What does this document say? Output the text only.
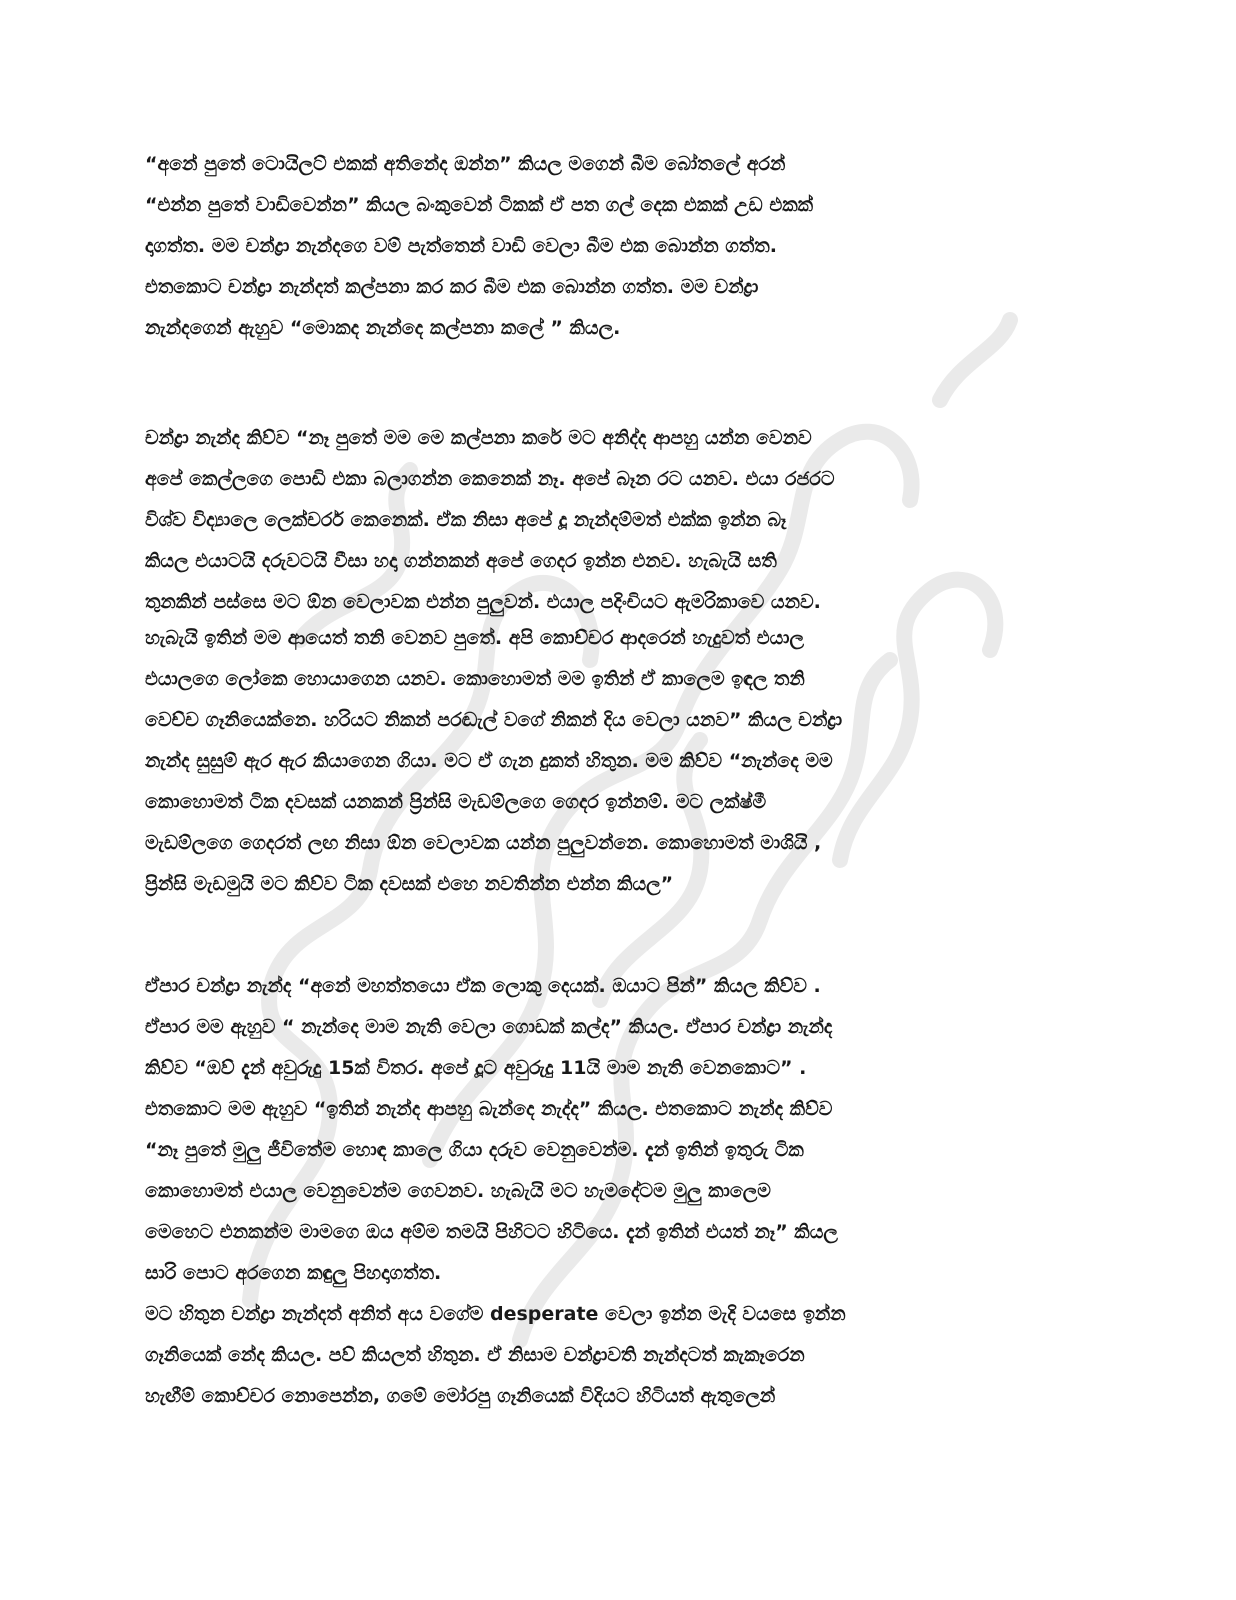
“අනේ පුතේ ටොයිලට් එකක් අතිනේද ඔන්න” කියල මගෙන් බීම බෝතලේ අරන්
“එන්න පුතේ වාඩිවෙන්න” කියල බංකුවෙන් ටිකක් ඒ පත ගල් දෙක එකක් උඩ එකක්
දාගත්ත. මම චන්ද්‍රා නැන්දගෙ වම් පැත්තෙන් වාඩි වෙලා බීම එක බොන්න ගත්ත.
එතකොට චන්ද්‍රා නැන්දත් කල්පනා කර කර බීම එක බොන්න ගත්ත. මම චන්ද්‍රා
නැන්දගෙන් ඇහුව “මොකද නැන්දෙ කල්පනා කලේ ” කියල.
චන්ද්‍රා නැන්ද කිව්ව “නෑ පුතේ මම මෙ කල්පනා කරේ මට අනිද්ද ආපහු යන්න වෙනව
අපේ කෙල්ලගෙ පොඩි එකා බලාගන්න කෙනෙක් නෑ. අපේ බෑන රට යනව. එයා රජරට
විශ්ව විද්‍යාලෙ ලෙක්චරර් කෙනෙක්. ඒක නිසා අපේ දූ නැන්දම්මත් එක්ක ඉන්න බෑ
කියල එයාටයි දරුවටයි වීසා හදා ගන්නකන් අපේ ගෙදර ඉන්න එනව. හැබැයි සති
තුනකින් පස්සෙ මට ඕන වෙලාවක එන්න පුලුවන්. එයාල පදිංචියට ඇමරිකාවෙ යනව.
හැබැයි ඉතින් මම ආයෙත් තනි වෙනව පුතේ. අපි කොච්චර ආදරෙන් හැදුවත් එයාල
එයාලගෙ ලෝකෙ හොයාගෙන යනව. කොහොමත් මම ඉතින් ඒ කාලෙම ඉඳල තනි
වෙච්ච ගෑනියෙක්නෙ. හරියට නිකන් පරඬැල් වගේ නිකන් දිය වෙලා යනව” කියල චන්ද්‍රා
නැන්ද සුසුම් ඇර ඇර කියාගෙන ගියා. මට ඒ ගැන දුකත් හිතුන. මම කිව්ව “නැන්දෙ මම
කොහොමත් ටික දවසක් යනකන් ප්‍රින්සි මැඩම්ලගෙ ගෙදර ඉන්නම්. මට ලක්ෂ්මී
මැඩම්ලගෙ ගෙදරත් ලඟ නිසා ඕන වෙලාවක යන්න පුලුවන්නෙ. කොහොමත් මාශියි ,
ප්‍රින්සි මැඩමුයි මට කිව්ව ටික දවසක් එහෙ නවතින්න එන්න කියල”
ඒපාර චන්ද්‍රා නැන්ද “අනේ මහත්තයො ඒක ලොකු දෙයක්. ඔයාට පින්” කියල කිව්ව .
ඒපාර මම ඇහුව “ නැන්දෙ මාම නැති වෙලා ගොඩක් කල්ද” කියල. ඒපාර චන්ද්‍රා නැන්ද
කිව්ව “ඔව් දැන් අවුරුදු 15ක් විතර. අපේ දූට අවුරුදු 11යි මාම නැති වෙනකොට” .
එතකොට මම ඇහුව “ඉතින් නැන්ද ආපහු බැන්දෙ නැද්ද” කියල. එතකොට නැන්ද කිව්ව
“නෑ පුතේ මුලු ජීවිතේම හොඳ කාලෙ ගියා දරුව වෙනුවෙන්ම. දැන් ඉතින් ඉතුරු ටික
කොහොමත් එයාල වෙනුවෙන්ම ගෙවනව. හැබැයි මට හැමදේටම මුලු කාලෙම
මෙහෙට එනකන්ම මාමගෙ ඔය අම්ම තමයි පිහිටට හිටියෙ. දැන් ඉතින් එයත් නෑ” කියල
සාරි පොට අරගෙන කඳුලු පිහදාගත්ත.
මට හිතුන චන්ද්‍රා නැන්දත් අනිත් අය වගේම desperate වෙලා ඉන්න මැදි වයසෙ ඉන්න
ගෑනියෙක් නේද කියල. පව් කියලත් හිතුන. ඒ නිසාම චන්ද්‍රාවති නැන්දටත් කැකෑරෙන
හැඟීම් කොච්චර නොපෙන්න, ගමේ මෝරපු ගෑනියෙක් විදියට හිටියත් ඇතුලෙන්
